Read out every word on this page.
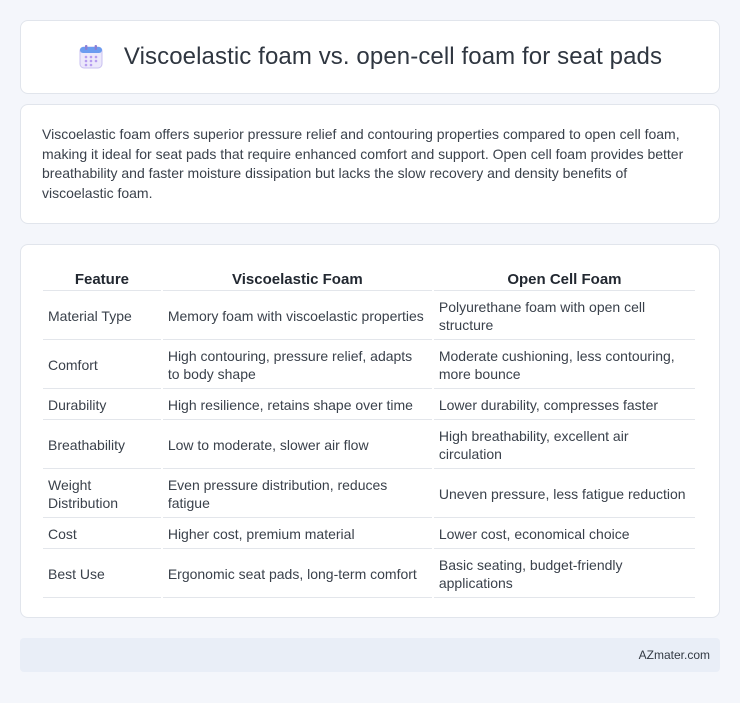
Viscoelastic foam vs. open-cell foam for seat pads

Viscoelastic foam offers superior pressure relief and contouring properties compared to open cell foam, making it ideal for seat pads that require enhanced comfort and support. Open cell foam provides better breathability and faster moisture dissipation but lacks the slow recovery and density benefits of viscoelastic foam.

Feature	Viscoelastic Foam	Open Cell Foam
Material Type	Memory foam with viscoelastic properties	Polyurethane foam with open cell structure
Comfort	High contouring, pressure relief, adapts to body shape	Moderate cushioning, less contouring, more bounce
Durability	High resilience, retains shape over time	Lower durability, compresses faster
Breathability	Low to moderate, slower air flow	High breathability, excellent air circulation
Weight Distribution	Even pressure distribution, reduces fatigue	Uneven pressure, less fatigue reduction
Cost	Higher cost, premium material	Lower cost, economical choice
Best Use	Ergonomic seat pads, long-term comfort	Basic seating, budget-friendly applications
AZmater.com
